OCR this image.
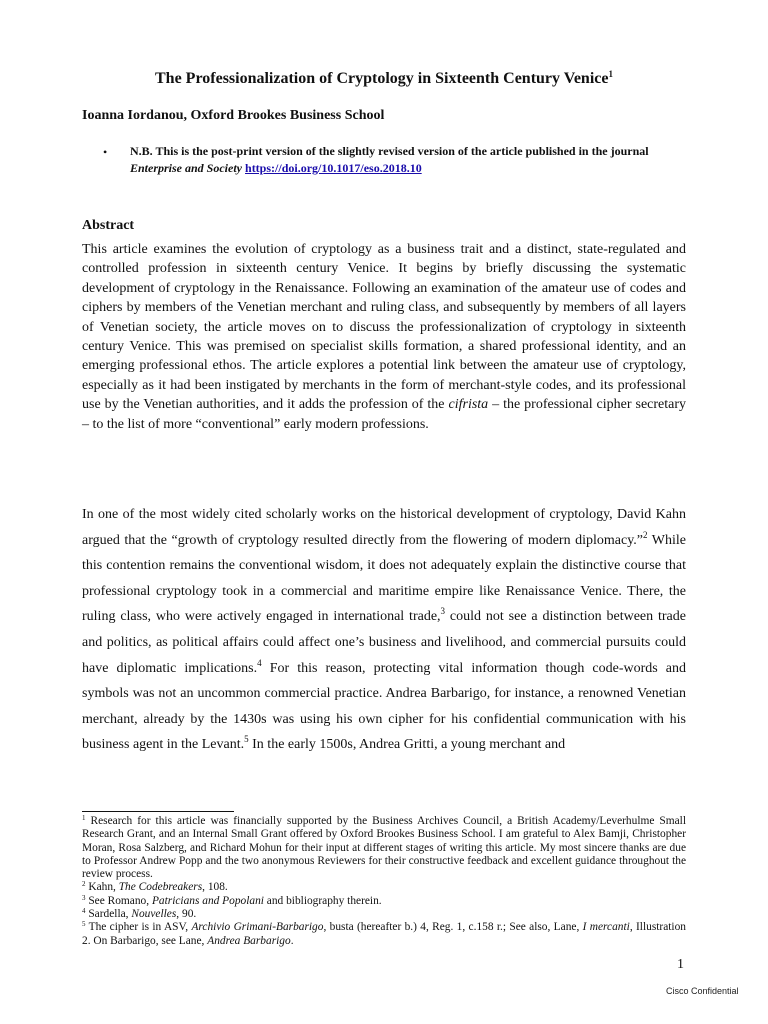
The Professionalization of Cryptology in Sixteenth Century Venice$^1$
Ioanna Iordanou, Oxford Brookes Business School
•	N.B. This is the post-print version of the slightly revised version of the article published in the journal Enterprise and Society https://doi.org/10.1017/eso.2018.10
Abstract
This article examines the evolution of cryptology as a business trait and a distinct, state-regulated and controlled profession in sixteenth century Venice. It begins by briefly discussing the systematic development of cryptology in the Renaissance. Following an examination of the amateur use of codes and ciphers by members of the Venetian merchant and ruling class, and subsequently by members of all layers of Venetian society, the article moves on to discuss the professionalization of cryptology in sixteenth century Venice. This was premised on specialist skills formation, a shared professional identity, and an emerging professional ethos. The article explores a potential link between the amateur use of cryptology, especially as it had been instigated by merchants in the form of merchant-style codes, and its professional use by the Venetian authorities, and it adds the profession of the cifrista – the professional cipher secretary – to the list of more “conventional” early modern professions.
In one of the most widely cited scholarly works on the historical development of cryptology, David Kahn argued that the “growth of cryptology resulted directly from the flowering of modern diplomacy.”$^2$ While this contention remains the conventional wisdom, it does not adequately explain the distinctive course that professional cryptology took in a commercial and maritime empire like Renaissance Venice. There, the ruling class, who were actively engaged in international trade,$^3$ could not see a distinction between trade and politics, as political affairs could affect one’s business and livelihood, and commercial pursuits could have diplomatic implications.$^4$ For this reason, protecting vital information though code-words and symbols was not an uncommon commercial practice. Andrea Barbarigo, for instance, a renowned Venetian merchant, already by the 1430s was using his own cipher for his confidential communication with his business agent in the Levant.$^5$ In the early 1500s, Andrea Gritti, a young merchant and

$^1$ Research for this article was financially supported by the Business Archives Council, a British Academy/Leverhulme Small Research Grant, and an Internal Small Grant offered by Oxford Brookes Business School. I am grateful to Alex Bamji, Christopher Moran, Rosa Salzberg, and Richard Mohun for their input at different stages of writing this article. My most sincere thanks are due to Professor Andrew Popp and the two anonymous Reviewers for their constructive feedback and excellent guidance throughout the review process.

$^2$ Kahn, The Codebreakers, 108.

$^3$ See Romano, Patricians and Popolani and bibliography therein.

$^4$ Sardella, Nouvelles, 90.

$^5$ The cipher is in ASV, Archivio Grimani-Barbarigo, busta (hereafter b.) 4, Reg. 1, c.158 r.; See also, Lane, I mercanti, Illustration 2. On Barbarigo, see Lane, Andrea Barbarigo.

1
Cisco Confidential
